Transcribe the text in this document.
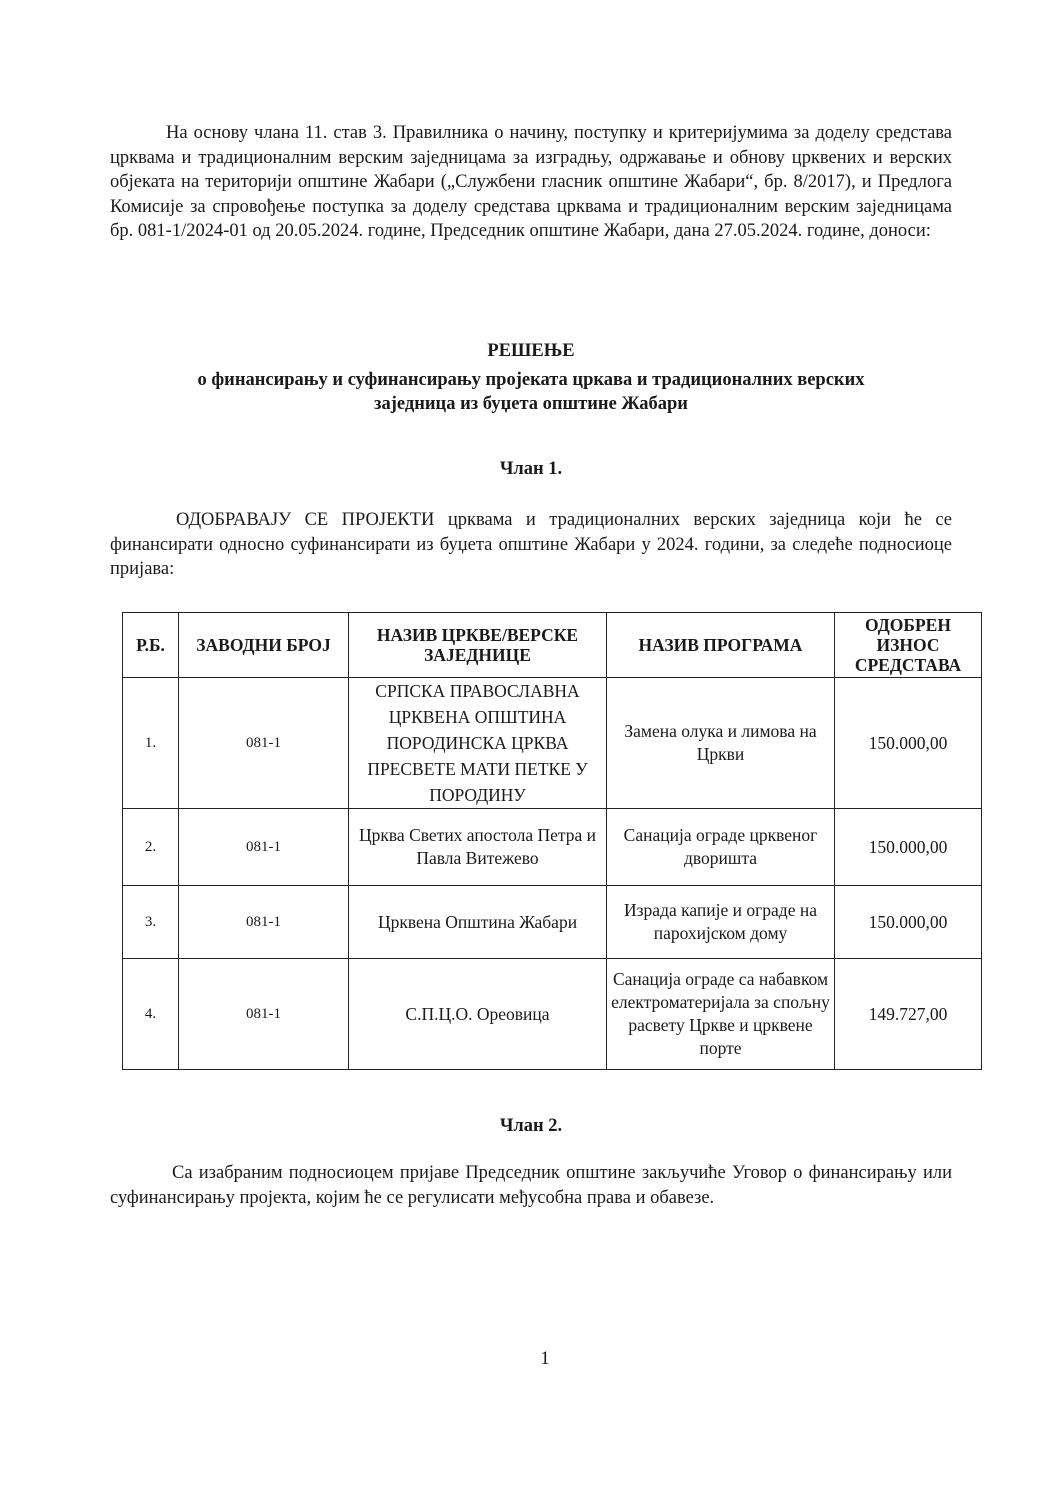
На основу члана 11. став 3. Правилника о начину, поступку и критеријумима за доделу средстава црквама и традиционалним верским заједницама за изградњу, одржавање и обнову црквених и верских објеката на територији општине Жабари („Службени гласник општине Жабари“, бр. 8/2017), и Предлога Комисије за спровођење поступка за доделу средстава црквама и традиционалним верским заједницама бр. 081-1/2024-01 од 20.05.2024. године, Председник општине Жабари, дана 27.05.2024. године, доноси:

РЕШЕЊЕ
о финансирању и суфинансирању пројеката цркава и традиционалних верских
заједница из буџета општине Жабари
Члан 1.

ОДОБРАВАЈУ СЕ ПРОЈЕКТИ црквама и традиционалних верских заједница који ће се финансирати односно суфинансирати из буџета општине Жабари у 2024. години, за следеће подносиоце пријава:

Р.Б.	ЗАВОДНИ БРОЈ	НАЗИВ ЦРКВЕ/ВЕРСКЕ ЗАЈЕДНИЦЕ	НАЗИВ ПРОГРАМА	ОДОБРЕН ИЗНОС СРЕДСТАВА
1.	081-1	СРПСКА ПРАВОСЛАВНА ЦРКВЕНА ОПШТИНА ПОРОДИНСКА ЦРКВА ПРЕСВЕТЕ МАТИ ПЕТКЕ У ПОРОДИНУ	Замена олука и лимова на Цркви	150.000,00
2.	081-1	Црква Светих апостола Петра и Павла Витежево	Санација ограде црквеног дворишта	150.000,00
3.	081-1	Црквена Општина Жабари	Израда капије и ограде на парохијском дому	150.000,00
4.	081-1	С.П.Ц.О. Ореовица	Санација ограде са набавком електроматеријала за спољну расвету Цркве и црквене порте	149.727,00
Члан 2.

Са изабраним подносиоцем пријаве Председник општине закључиће Уговор о финансирању или суфинансирању пројекта, којим ће се регулисати међусобна права и обавезе.

1
